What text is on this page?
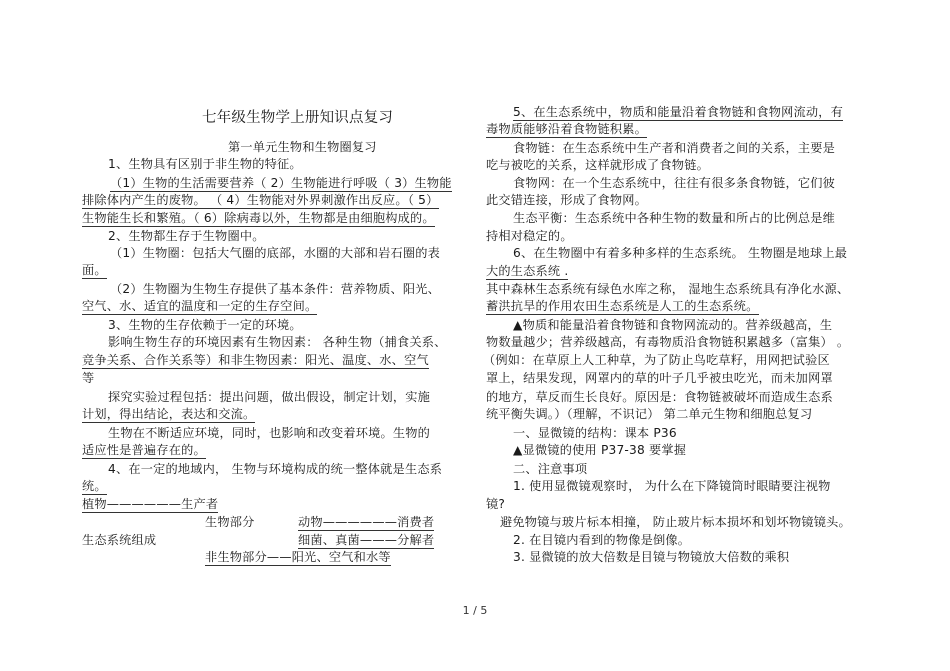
七年级生物学上册知识点复习
第一单元生物和生物圈复习
1、生物具有区别于非生物的特征。
（1）生物的生活需要营养（ 2）生物能进行呼吸（ 3）生物能
排除体内产生的废物。 （ 4）生物能对外界刺激作出反应。（ 5）
生物能生长和繁殖。（ 6）除病毒以外，生物都是由细胞构成的。
2、生物都生存于生物圈中。
（1）生物圈：包括大气圈的底部，水圈的大部和岩石圈的表
面。
（2）生物圈为生物生存提供了基本条件：营养物质、阳光、
空气、水、适宜的温度和一定的生存空间。
3、生物的生存依赖于一定的环境。
影响生物生存的环境因素有生物因素： 各种生物（捕食关系、
竞争关系、合作关系等）和非生物因素：阳光、温度、水、空气
等
探究实验过程包括：提出问题，做出假设，制定计划，实施
计划，得出结论，表达和交流。
生物在不断适应环境，同时，也影响和改变着环境。生物的
适应性是普遍存在的。
4、在一定的地域内， 生物与环境构成的统一整体就是生态系
统。
植物——————生产者
生物部分	动物——————消费者
生态系统组成	细菌、真菌———分解者
非生物部分——阳光、空气和水等
5、在生态系统中，物质和能量沿着食物链和食物网流动，有
毒物质能够沿着食物链积累。
食物链：在生态系统中生产者和消费者之间的关系，主要是
吃与被吃的关系，这样就形成了食物链。
食物网：在一个生态系统中，往往有很多条食物链，它们彼
此交错连接，形成了食物网。
生态平衡：生态系统中各种生物的数量和所占的比例总是维
持相对稳定的。
6、在生物圈中有着多种多样的生态系统。 生物圈是地球上最
大的生态系统 .
其中森林生态系统有绿色水库之称， 湿地生态系统具有净化水源、
蓄洪抗旱的作用农田生态系统是人工的生态系统。
▲物质和能量沿着食物链和食物网流动的。营养级越高，生
物数量越少；营养级越高，有毒物质沿食物链积累越多（富集） 。
（例如：在草原上人工种草，为了防止鸟吃草籽，用网把试验区
罩上，结果发现，网罩内的草的叶子几乎被虫吃光，而未加网罩
的地方，草反而生长良好。原因是：食物链被破坏而造成生态系
统平衡失调。）（理解，不识记） 第二单元生物和细胞总复习
一、显微镜的结构：课本 P36
▲显微镜的使用 P37-38 要掌握
二、注意事项
1. 使用显微镜观察时， 为什么在下降镜筒时眼睛要注视物
镜?
避免物镜与玻片标本相撞， 防止玻片标本损坏和划坏物镜镜头。
2. 在目镜内看到的物像是倒像。
3. 显微镜的放大倍数是目镜与物镜放大倍数的乘积
1 / 5
